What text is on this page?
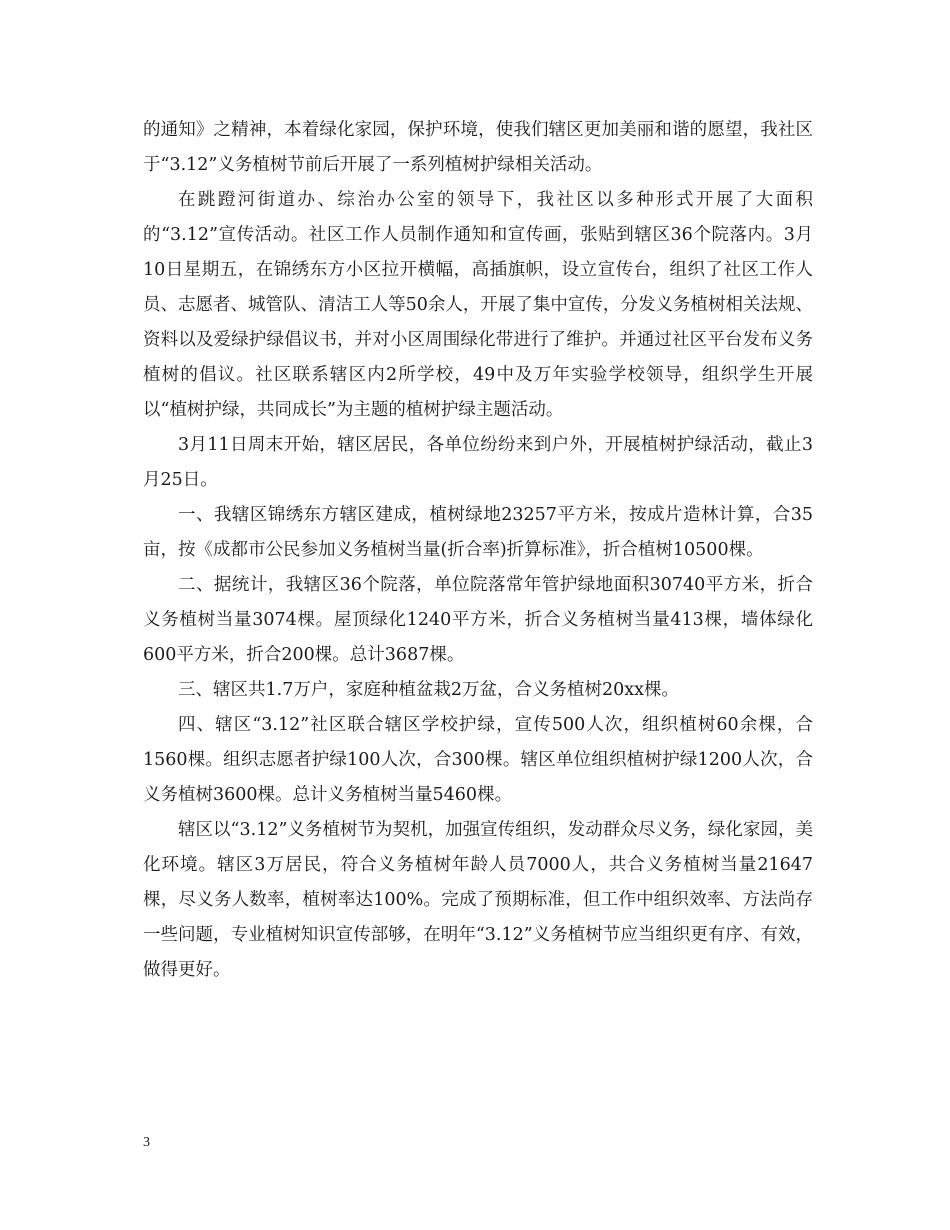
的通知》之精神，本着绿化家园，保护环境，使我们辖区更加美丽和谐的愿望，我社区于“3.12”义务植树节前后开展了一系列植树护绿相关活动。

在跳蹬河街道办、综治办公室的领导下，我社区以多种形式开展了大面积的“3.12”宣传活动。社区工作人员制作通知和宣传画，张贴到辖区36个院落内。3月10日星期五，在锦绣东方小区拉开横幅，高插旗帜，设立宣传台，组织了社区工作人员、志愿者、城管队、清洁工人等50余人，开展了集中宣传，分发义务植树相关法规、资料以及爱绿护绿倡议书，并对小区周围绿化带进行了维护。并通过社区平台发布义务植树的倡议。社区联系辖区内2所学校，49中及万年实验学校领导，组织学生开展以“植树护绿，共同成长”为主题的植树护绿主题活动。

3月11日周末开始，辖区居民，各单位纷纷来到户外，开展植树护绿活动，截止3月25日。

一、我辖区锦绣东方辖区建成，植树绿地23257平方米，按成片造林计算，合35亩，按《成都市公民参加义务植树当量(折合率)折算标准》，折合植树10500棵。

二、据统计，我辖区36个院落，单位院落常年管护绿地面积30740平方米，折合义务植树当量3074棵。屋顶绿化1240平方米，折合义务植树当量413棵，墙体绿化600平方米，折合200棵。总计3687棵。

三、辖区共1.7万户，家庭种植盆栽2万盆，合义务植树20xx棵。

四、辖区“3.12”社区联合辖区学校护绿，宣传500人次，组织植树60余棵，合1560棵。组织志愿者护绿100人次，合300棵。辖区单位组织植树护绿1200人次，合义务植树3600棵。总计义务植树当量5460棵。

辖区以“3.12”义务植树节为契机，加强宣传组织，发动群众尽义务，绿化家园，美化环境。辖区3万居民，符合义务植树年龄人员7000人，共合义务植树当量21647棵，尽义务人数率，植树率达100%。完成了预期标准，但工作中组织效率、方法尚存一些问题，专业植树知识宣传部够，在明年“3.12”义务植树节应当组织更有序、有效，做得更好。

3
